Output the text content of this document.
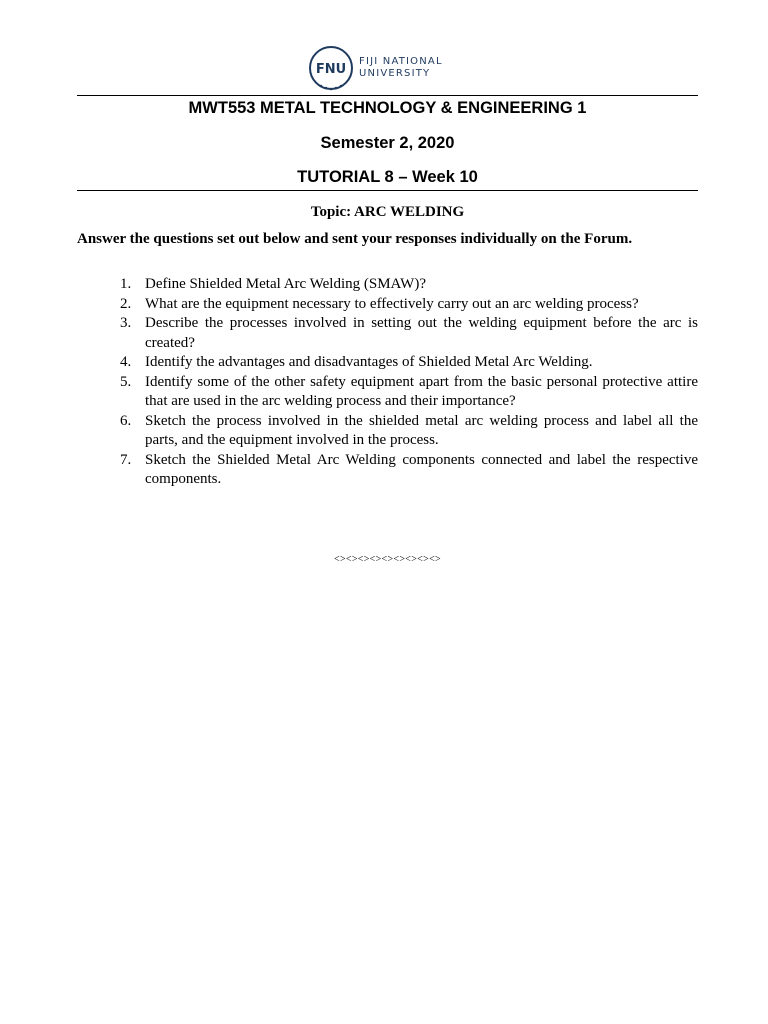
FNU
FIJI NATIONAL
UNIVERSITY
MWT553 METAL TECHNOLOGY & ENGINEERING 1
Semester 2, 2020
TUTORIAL 8 – Week 10
Topic: ARC WELDING
Answer the questions set out below and sent your responses individually on the Forum.
1. Define Shielded Metal Arc Welding (SMAW)?
2. What are the equipment necessary to effectively carry out an arc welding process?
3. Describe the processes involved in setting out the welding equipment before the arc is created?
4. Identify the advantages and disadvantages of Shielded Metal Arc Welding.
5. Identify some of the other safety equipment apart from the basic personal protective attire that are used in the arc welding process and their importance?
6. Sketch the process involved in the shielded metal arc welding process and label all the parts, and the equipment involved in the process.
7. Sketch the Shielded Metal Arc Welding components connected and label the respective components.
<><><><><><><><><>
